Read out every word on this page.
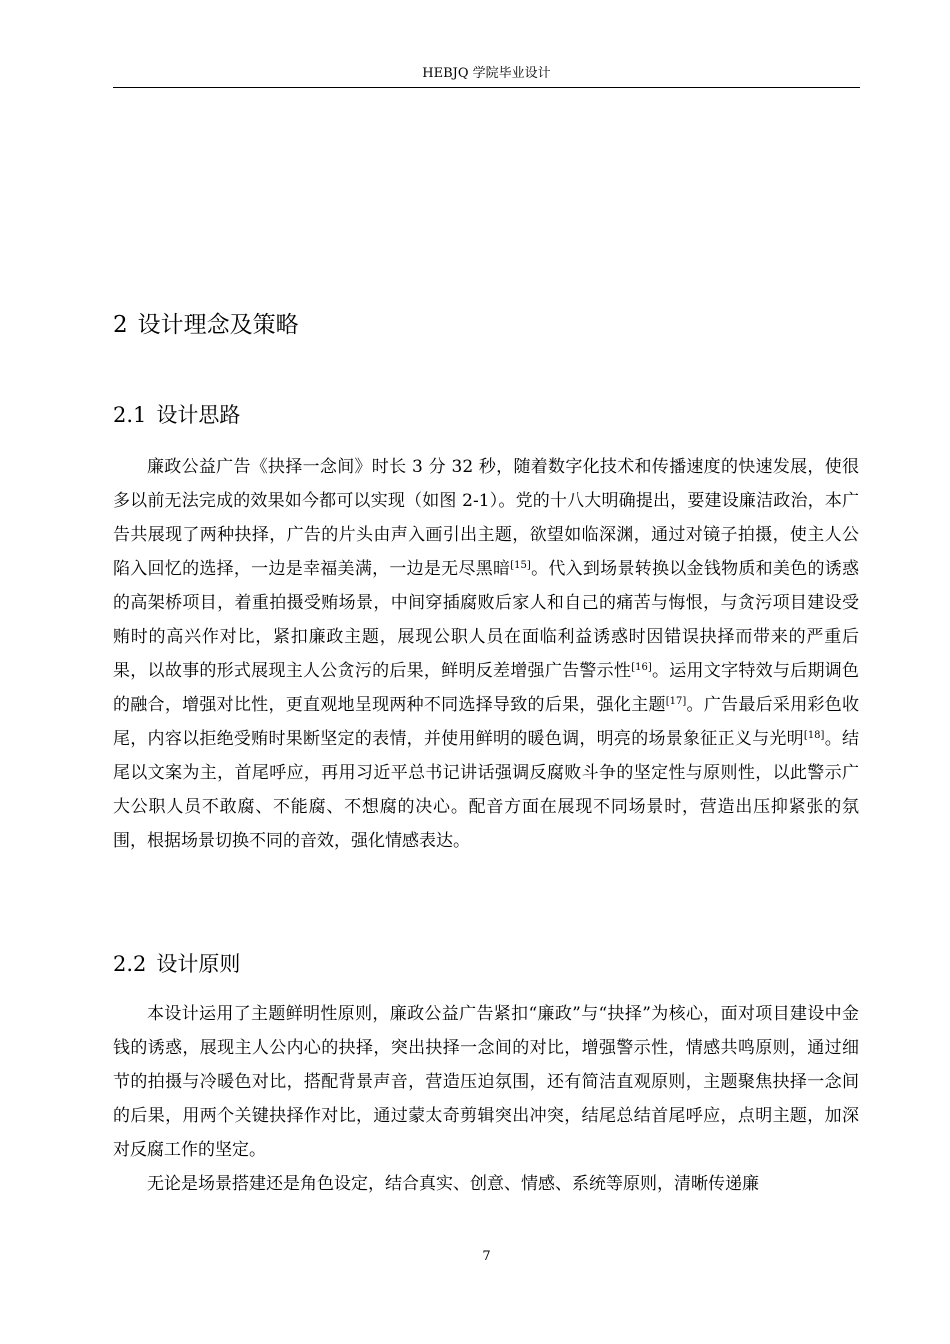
HEBJQ 学院毕业设计
2 设计理念及策略
2.1 设计思路
廉政公益广告《抉择一念间》时长 3 分 32 秒，随着数字化技术和传播速度的快速发展，使很多以前无法完成的效果如今都可以实现（如图 2-1）。党的十八大明确提出，要建设廉洁政治，本广告共展现了两种抉择，广告的片头由声入画引出主题，欲望如临深渊，通过对镜子拍摄，使主人公陷入回忆的选择，一边是幸福美满，一边是无尽黑暗[15]。代入到场景转换以金钱物质和美色的诱惑的高架桥项目，着重拍摄受贿场景，中间穿插腐败后家人和自己的痛苦与悔恨，与贪污项目建设受贿时的高兴作对比，紧扣廉政主题，展现公职人员在面临利益诱惑时因错误抉择而带来的严重后果，以故事的形式展现主人公贪污的后果，鲜明反差增强广告警示性[16]。运用文字特效与后期调色的融合，增强对比性，更直观地呈现两种不同选择导致的后果，强化主题[17]。广告最后采用彩色收尾，内容以拒绝受贿时果断坚定的表情，并使用鲜明的暖色调，明亮的场景象征正义与光明[18]。结尾以文案为主，首尾呼应，再用习近平总书记讲话强调反腐败斗争的坚定性与原则性，以此警示广大公职人员不敢腐、不能腐、不想腐的决心。配音方面在展现不同场景时，营造出压抑紧张的氛围，根据场景切换不同的音效，强化情感表达。
2.2 设计原则
本设计运用了主题鲜明性原则，廉政公益广告紧扣“廉政”与“抉择”为核心，面对项目建设中金钱的诱惑，展现主人公内心的抉择，突出抉择一念间的对比，增强警示性，情感共鸣原则，通过细节的拍摄与冷暖色对比，搭配背景声音，营造压迫氛围，还有简洁直观原则，主题聚焦抉择一念间的后果，用两个关键抉择作对比，通过蒙太奇剪辑突出冲突，结尾总结首尾呼应，点明主题，加深对反腐工作的坚定。
无论是场景搭建还是角色设定，结合真实、创意、情感、系统等原则，清晰传递廉
7
